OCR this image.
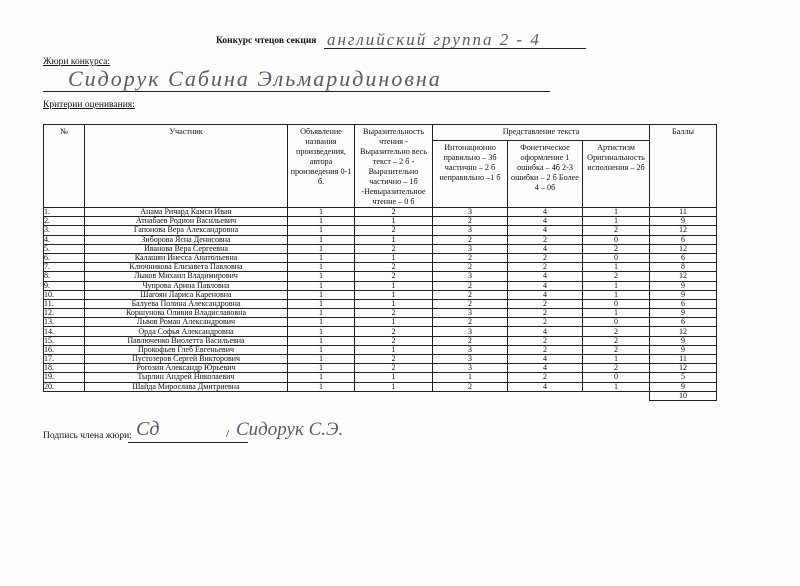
Конкурс чтецов секция английский группа 2 - 4
Жюри конкурса:
Сидорук Сабина Эльмаридиновна
Критерии оценивания:
№	Участник	Объявление названия произведения, автора произведения 0-1 б.	Выразительность чтения - Выразительно весь текст – 2 б - Выразительно частично – 1б -Невыразительное чтение – 0 б	Представление текста			Баллы
				Интонационно правильно – 3б частично – 2 б неправильно –1 б	Фонетическое оформление 1 ошибка – 4б 2-3 ошибки – 2 б Более 4 – 0б	Артистизм Оригинальность исполнения – 2б	
1.	Анама Ричард Камси Иван	1	2	3	4	1	11
2.	Атнабаев Родион Васильевич	1	1	2	4	1	9
3.	Гапонова Вера Александровна	1	2	3	4	2	12
4.	Зиборова Ясна Денисовна	1	1	2	2	0	6
5.	Иванова Вера Сергеевна	1	2	3	4	2	12
6.	Калашян Инесса Анатольевна	1	1	2	2	0	6
7.	Ключникова Елизавета Павловна	1	2	2	2	1	8
8.	Лыков Михаил Владимирович	1	2	3	4	2	12
9.	Чупрова Арина Павловна	1	1	2	4	1	9
10.	Шагоян Лариса Кареновна	1	1	2	4	1	9
11.	Балуева Полина Александровна	1	1	2	2	0	6
12.	Коршунова Оливия Владиславовна	1	2	3	2	1	9
13.	Львов Роман Александрович	1	1	2	2	0	6
14.	Орда Софья Александровна	1	2	3	4	2	12
15.	Павлюченко Виолетта Васильевна	1	2	2	2	2	9
16.	Прокофьев Глеб Евгеньевич	1	1	3	2	2	9
17.	Пустозеров Сергей Викторович	1	2	3	4	1	11
18.	Рогозин Александр Юрьевич	1	2	3	4	2	12
19.	Тырлин Андрей Николаевич	1	1	1	2	0	5
20.	Шайда Мирослава Дмитриевна	1	1	2	4	1	9
							10
Подпись члена жюри: Сд	/ Сидорук С.Э.
